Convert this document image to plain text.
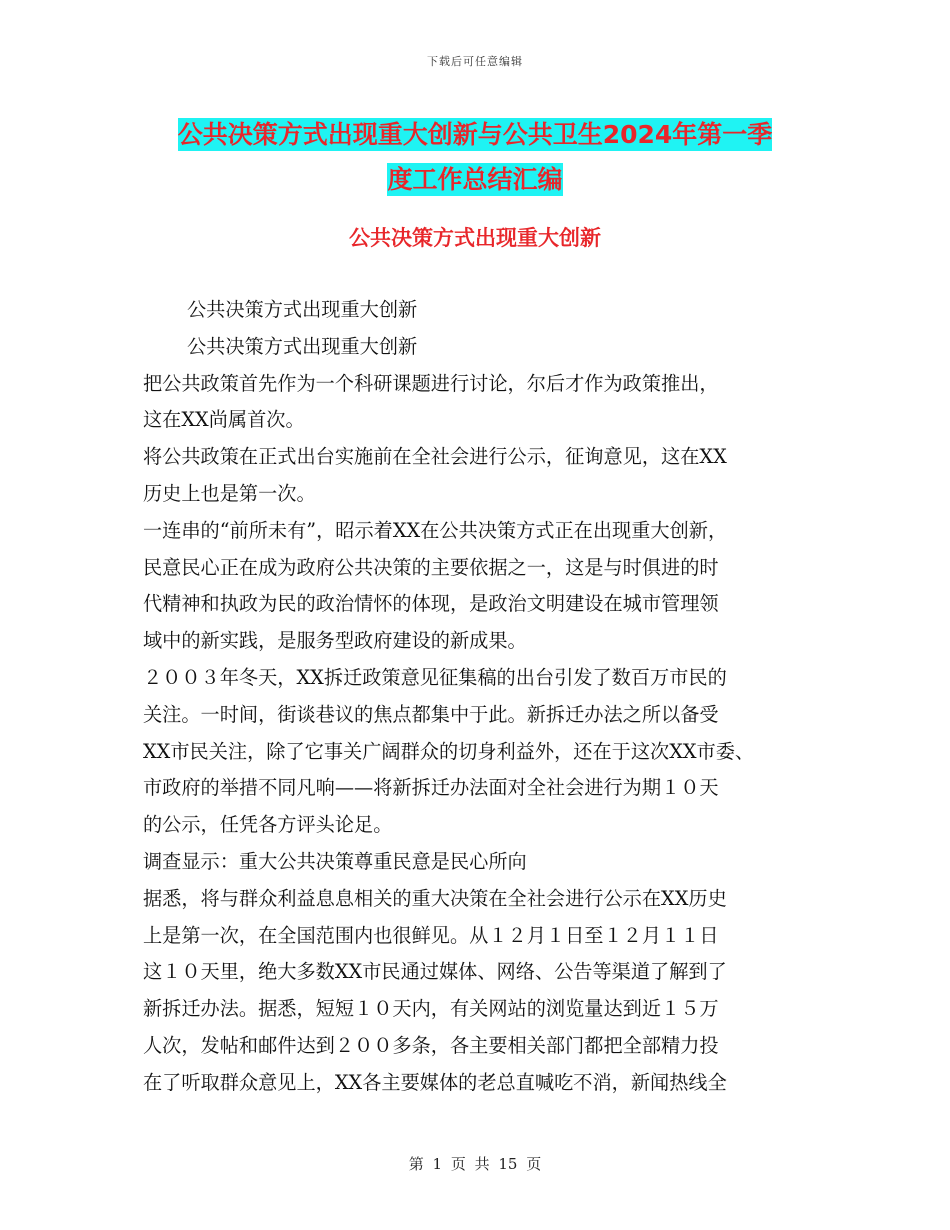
下载后可任意编辑
公共决策方式出现重大创新与公共卫生2024年第一季
度工作总结汇编
公共决策方式出现重大创新
公共决策方式出现重大创新
公共决策方式出现重大创新
把公共政策首先作为一个科研课题进行讨论，尔后才作为政策推出，
这在XX尚属首次。
将公共政策在正式出台实施前在全社会进行公示，征询意见，这在XX
历史上也是第一次。
一连串的“前所未有”，昭示着XX在公共决策方式正在出现重大创新，
民意民心正在成为政府公共决策的主要依据之一，这是与时俱进的时
代精神和执政为民的政治情怀的体现，是政治文明建设在城市管理领
域中的新实践，是服务型政府建设的新成果。
２００３年冬天，XX拆迁政策意见征集稿的出台引发了数百万市民的
关注。一时间，街谈巷议的焦点都集中于此。新拆迁办法之所以备受
XX市民关注，除了它事关广阔群众的切身利益外，还在于这次XX市委、
市政府的举措不同凡响——将新拆迁办法面对全社会进行为期１０天
的公示，任凭各方评头论足。
调查显示：重大公共决策尊重民意是民心所向
据悉，将与群众利益息息相关的重大决策在全社会进行公示在XX历史
上是第一次，在全国范围内也很鲜见。从１２月１日至１２月１１日
这１０天里，绝大多数XX市民通过媒体、网络、公告等渠道了解到了
新拆迁办法。据悉，短短１０天内，有关网站的浏览量达到近１５万
人次，发帖和邮件达到２００多条，各主要相关部门都把全部精力投
在了听取群众意见上，XX各主要媒体的老总直喊吃不消，新闻热线全
第 1 页 共 15 页
